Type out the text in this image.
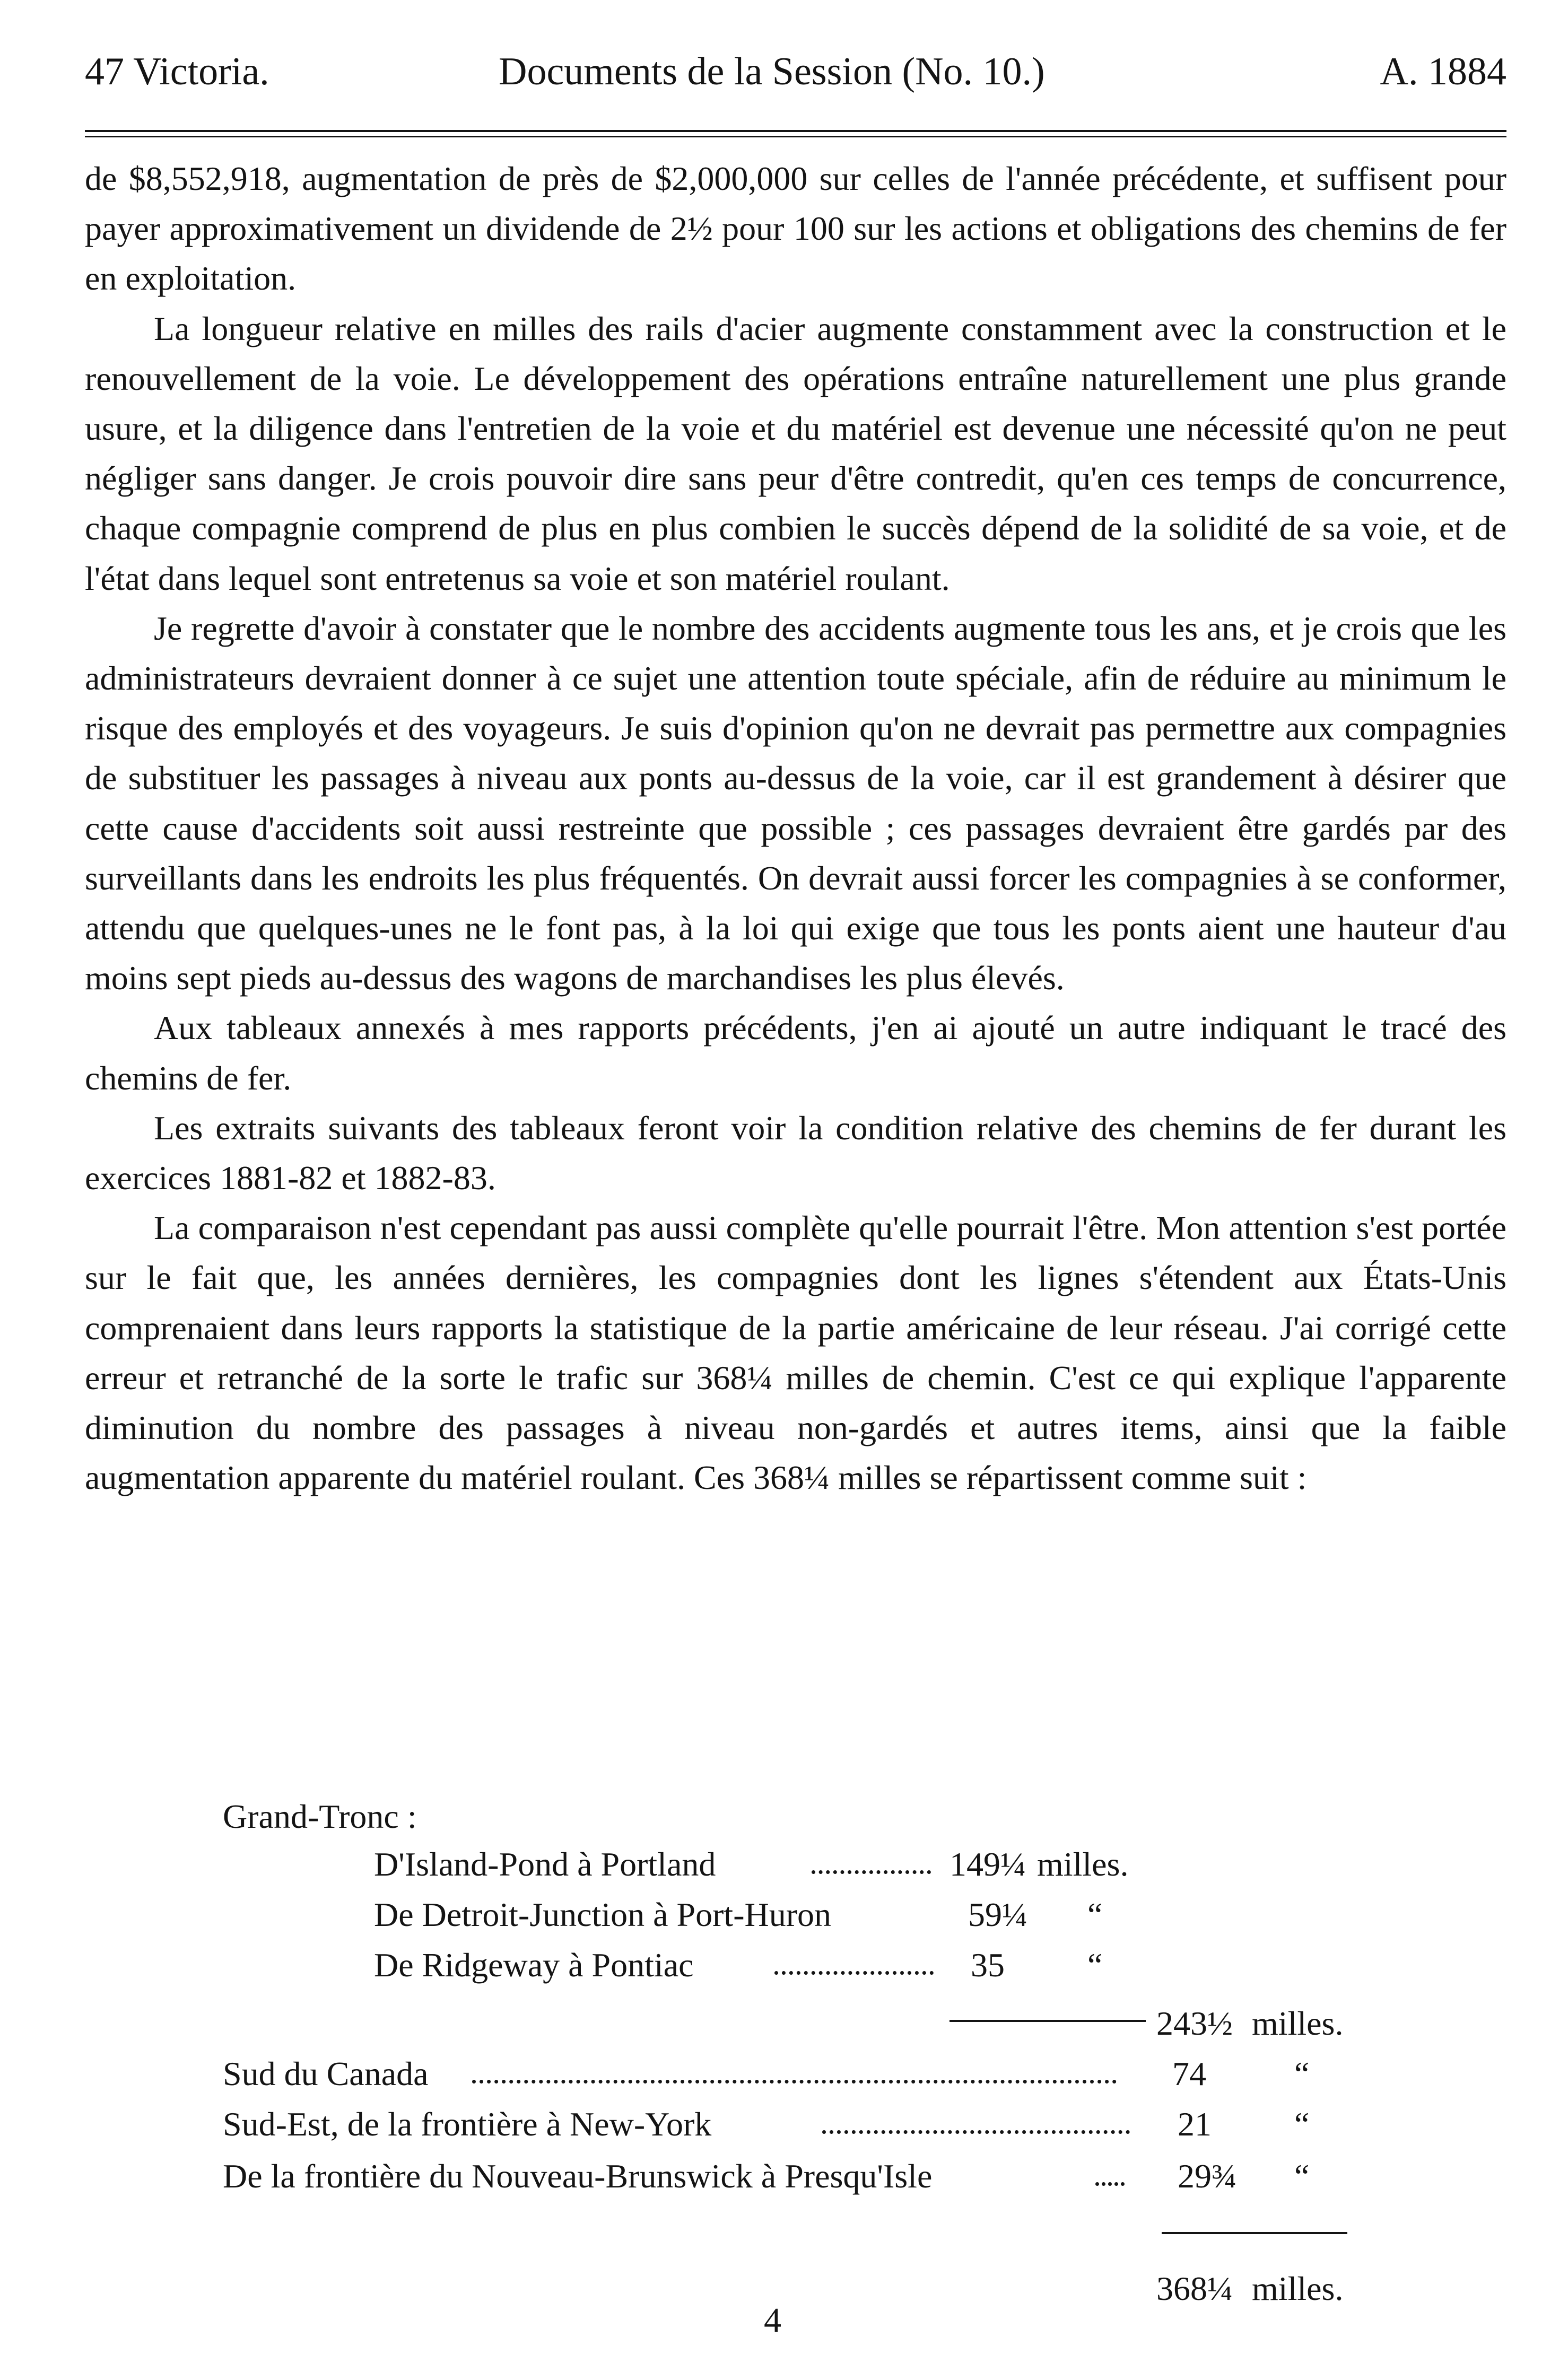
47 Victoria.	Documents de la Session (No. 10.)	A. 1884

de $8,552,918, augmentation de près de $2,000,000 sur celles de l'année précédente, et suffisent pour payer approximativement un dividende de 2½ pour 100 sur les actions et obligations des chemins de fer en exploitation.

La longueur relative en milles des rails d'acier augmente constamment avec la construction et le renouvellement de la voie. Le développement des opérations entraîne naturellement une plus grande usure, et la diligence dans l'entretien de la voie et du matériel est devenue une nécessité qu'on ne peut négliger sans danger. Je crois pouvoir dire sans peur d'être contredit, qu'en ces temps de concurrence, chaque compagnie comprend de plus en plus combien le succès dépend de la solidité de sa voie, et de l'état dans lequel sont entretenus sa voie et son matériel roulant.

Je regrette d'avoir à constater que le nombre des accidents augmente tous les ans, et je crois que les administrateurs devraient donner à ce sujet une attention toute spéciale, afin de réduire au minimum le risque des employés et des voyageurs. Je suis d'opinion qu'on ne devrait pas permettre aux compagnies de substituer les passages à niveau aux ponts au-dessus de la voie, car il est grandement à désirer que cette cause d'accidents soit aussi restreinte que possible ; ces passages devraient être gardés par des surveillants dans les endroits les plus fréquentés. On devrait aussi forcer les compagnies à se conformer, attendu que quelques-unes ne le font pas, à la loi qui exige que tous les ponts aient une hauteur d'au moins sept pieds au-dessus des wagons de marchandises les plus élevés.

Aux tableaux annexés à mes rapports précédents, j'en ai ajouté un autre indiquant le tracé des chemins de fer.

Les extraits suivants des tableaux feront voir la condition relative des chemins de fer durant les exercices 1881-82 et 1882-83.

La comparaison n'est cependant pas aussi complète qu'elle pourrait l'être. Mon attention s'est portée sur le fait que, les années dernières, les compagnies dont les lignes s'étendent aux États-Unis comprenaient dans leurs rapports la statistique de la partie américaine de leur réseau. J'ai corrigé cette erreur et retranché de la sorte le trafic sur 368¼ milles de chemin. C'est ce qui explique l'apparente diminution du nombre des passages à niveau non-gardés et autres items, ainsi que la faible augmentation apparente du matériel roulant. Ces 368¼ milles se répartissent comme suit :

Grand-Tronc :
D'Island-Pond à Portland	149¼ milles.
De Detroit-Junction à Port-Huron	59¼ “
De Ridgeway à Pontiac	35 “
243½ milles.
Sud du Canada	74	“
Sud-Est, de la frontière à New-York	21 “
De la frontière du Nouveau-Brunswick à Presqu'Isle	29¾ “
368¼ milles.
4
